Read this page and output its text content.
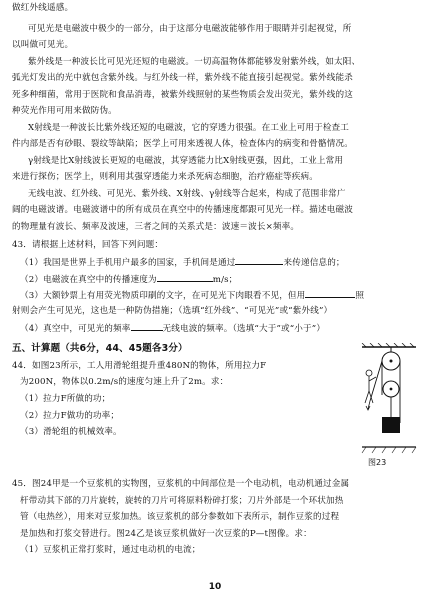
做红外线遥感。
可见光是电磁波中极少的一部分，由于这部分电磁波能够作用于眼睛并引起视觉，所
以叫做可见光。
紫外线是一种波长比可见光还短的电磁波。一切高温物体都能够发射紫外线，如太阳、
弧光灯发出的光中就包含紫外线。与红外线一样，紫外线不能直接引起视觉。紫外线能杀
死多种细菌，常用于医院和食品消毒，被紫外线照射的某些物质会发出荧光，紫外线的这
种荧光作用可用来做防伪。
X射线是一种波长比紫外线还短的电磁波，它的穿透力很强。在工业上可用于检查工
件内部是否有砂眼、裂纹等缺陷；医学上可用来透视人体，检查体内的病变和骨骼情况。
γ射线是比X射线波长更短的电磁波，其穿透能力比X射线更强，因此，工业上常用
来进行探伤；医学上，则利用其强穿透能力来杀死病态细胞，治疗癌症等疾病。
无线电波、红外线、可见光、紫外线、X射线、γ射线等合起来，构成了范围非常广
阔的电磁波谱。电磁波谱中的所有成员在真空中的传播速度都跟可见光一样。描述电磁波
的物理量有波长、频率及波速，三者之间的关系式是：波速＝波长×频率。
43．请根据上述材料，回答下列问题：
（1）我国是世界上手机用户最多的国家，手机间是通过	来传递信息的；
（2）电磁波在真空中的传播速度为	m/s；
（3）大额钞票上有用荧光物质印刷的文字，在可见光下肉眼看不见，但用	照
射则会产生可见光，这也是一种防伪措施；（选填“红外线”、“可见光”或“紫外线”）
（4）真空中，可见光的频率	无线电波的频率。（选填“大于”或“小于”）
五、计算题（共6分，44、45题各3分）
44．如图23所示，工人用滑轮组提升重480N的物体，所用拉力F
为200N，物体以0.2m/s的速度匀速上升了2m。求：
（1）拉力F所做的功；
（2）拉力F做功的功率；
（3）滑轮组的机械效率。
图23
45．图24甲是一个豆浆机的实物图，豆浆机的中间部位是一个电动机，电动机通过金属
杆带动其下部的刀片旋转，旋转的刀片可将原料粉碎打浆；刀片外部是一个环状加热
管（电热丝），用来对豆浆加热。该豆浆机的部分参数如下表所示，制作豆浆的过程
是加热和打浆交替进行。图24乙是该豆浆机做好一次豆浆的P—t图像。求：
（1）豆浆机正常打浆时，通过电动机的电流；
10
